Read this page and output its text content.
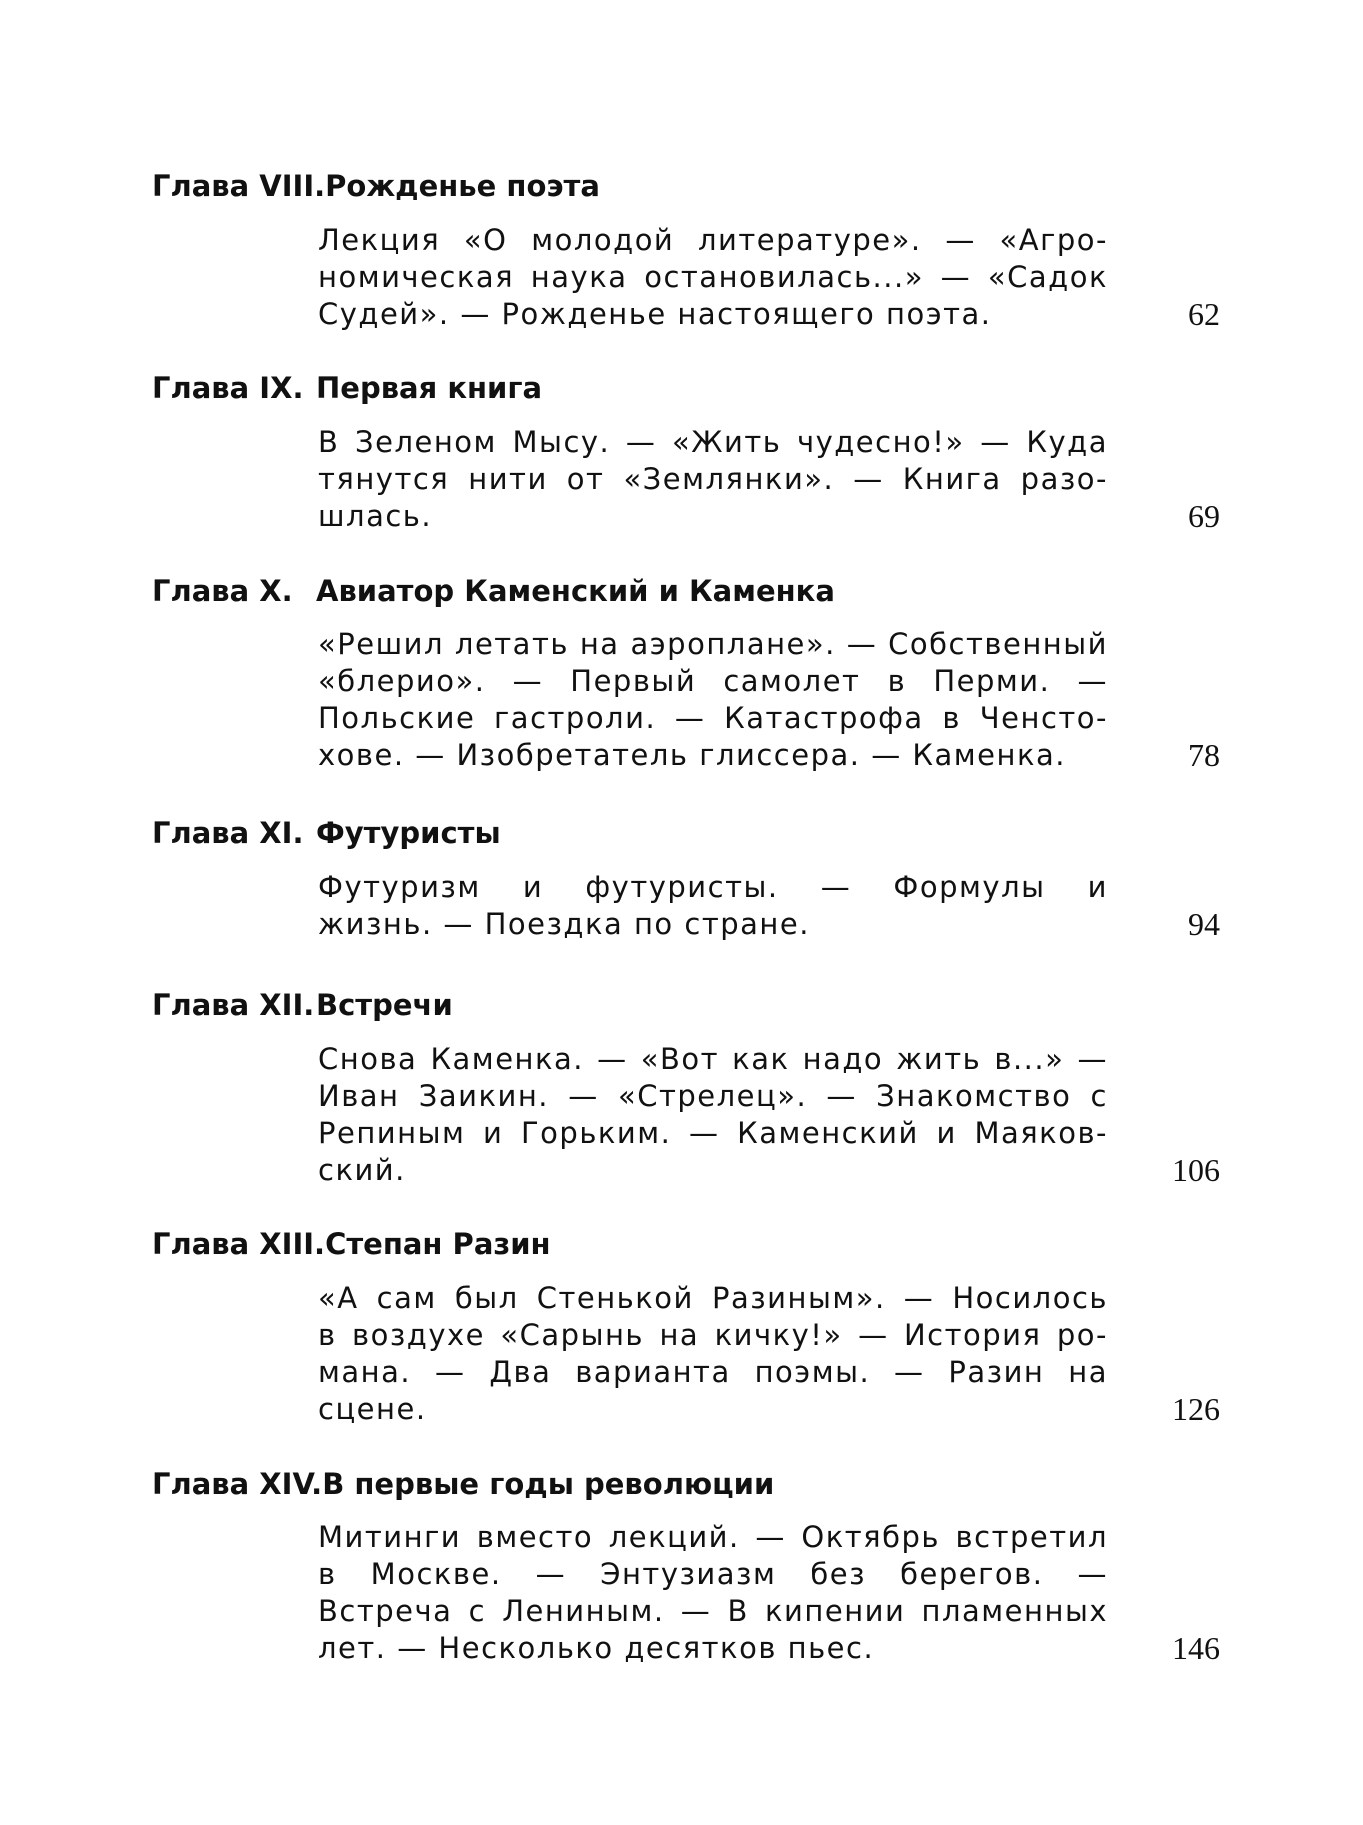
Глава VIII.Рожденье поэта
Лекция «О молодой литературе». — «Агро-
номическая наука остановилась...» — «Садок
Судей». — Рожденье настоящего поэта.	62
Глава IX. Первая книга
В Зеленом Мысу. — «Жить чудесно!» — Куда
тянутся нити от «Землянки». — Книга разо-
шлась.	69
Глава X. Авиатор Каменский и Каменка
«Решил летать на аэроплане». — Собственный
«блерио». — Первый самолет в Перми. —
Польские гастроли. — Катастрофа в Ченсто-
хове. — Изобретатель глиссера. — Каменка.	78
Глава XI. Футуристы
Футуризм и футуристы. — Формулы и
жизнь. — Поездка по стране.	94
Глава XII.Встречи
Снова Каменка. — «Вот как надо жить в...» —
Иван Заикин. — «Стрелец». — Знакомство с
Репиным и Горьким. — Каменский и Маяков-
ский.	106
Глава XIII.Степан Разин
«А сам был Стенькой Разиным». — Носилось
в воздухе «Сарынь на кичку!» — История ро-
мана. — Два варианта поэмы. — Разин на
сцене.	126
Глава XIV.В первые годы революции
Митинги вместо лекций. — Октябрь встретил
в Москве. — Энтузиазм без берегов. —
Встреча с Лениным. — В кипении пламенных
лет. — Несколько десятков пьес.	146
